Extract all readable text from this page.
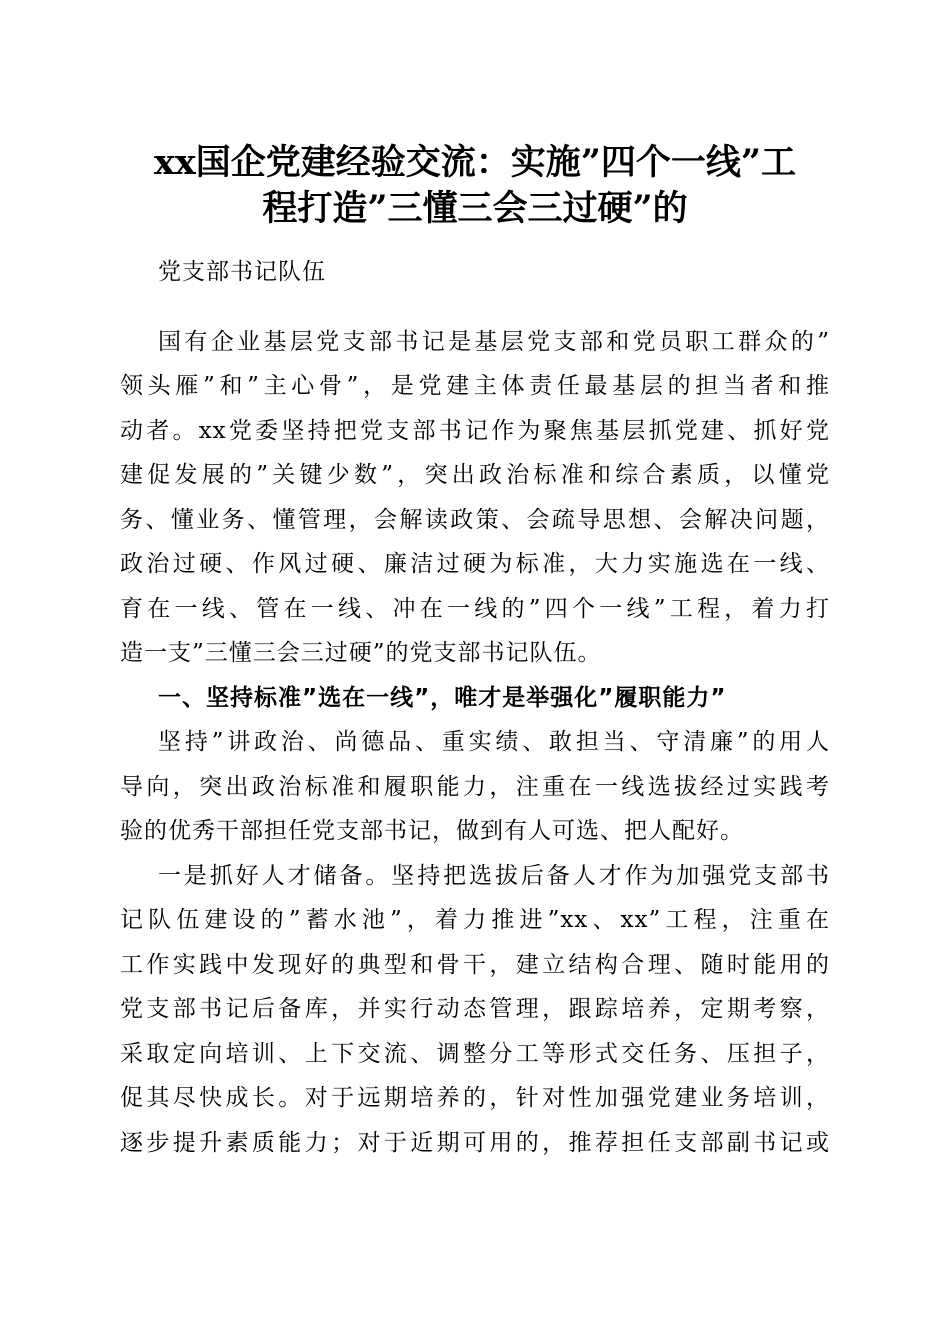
xx国企党建经验交流：实施”四个一线”工
程打造”三懂三会三过硬”的
党支部书记队伍
国有企业基层党支部书记是基层党支部和党员职工群众的”
领头雁”和”主心骨”，是党建主体责任最基层的担当者和推
动者。xx党委坚持把党支部书记作为聚焦基层抓党建、抓好党
建促发展的”关键少数”，突出政治标准和综合素质，以懂党
务、懂业务、懂管理，会解读政策、会疏导思想、会解决问题，
政治过硬、作风过硬、廉洁过硬为标准，大力实施选在一线、
育在一线、管在一线、冲在一线的”四个一线”工程，着力打
造一支”三懂三会三过硬”的党支部书记队伍。
一、坚持标准”选在一线”，唯才是举强化”履职能力”
坚持”讲政治、尚德品、重实绩、敢担当、守清廉”的用人
导向，突出政治标准和履职能力，注重在一线选拔经过实践考
验的优秀干部担任党支部书记，做到有人可选、把人配好。
一是抓好人才储备。坚持把选拔后备人才作为加强党支部书
记队伍建设的”蓄水池”，着力推进”xx、xx”工程，注重在
工作实践中发现好的典型和骨干，建立结构合理、随时能用的
党支部书记后备库，并实行动态管理，跟踪培养，定期考察，
采取定向培训、上下交流、调整分工等形式交任务、压担子，
促其尽快成长。对于远期培养的，针对性加强党建业务培训，
逐步提升素质能力；对于近期可用的，推荐担任支部副书记或
